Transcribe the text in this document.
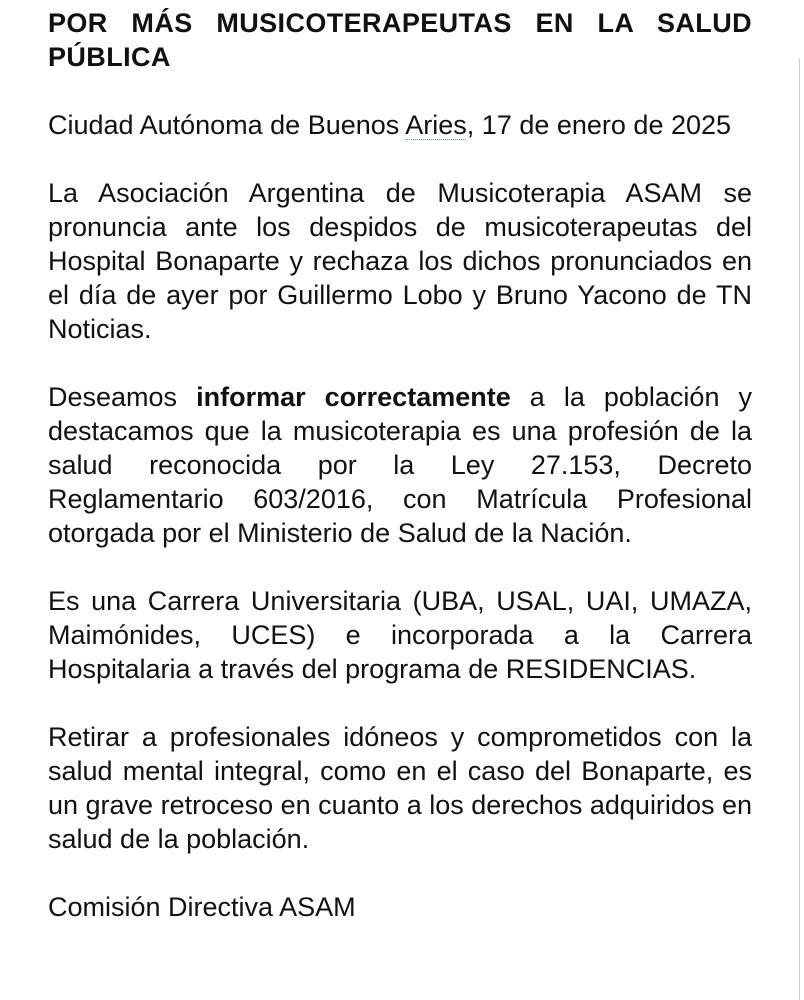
POR MÁS MUSICOTERAPEUTAS EN LA SALUD PÚBLICA

Ciudad Autónoma de Buenos Aries, 17 de enero de 2025

La Asociación Argentina de Musicoterapia ASAM se pronuncia ante los despidos de musicoterapeutas del Hospital Bonaparte y rechaza los dichos pronunciados en el día de ayer por Guillermo Lobo y Bruno Yacono de TN Noticias.

Deseamos informar correctamente a la población y destacamos que la musicoterapia es una profesión de la salud reconocida por la Ley 27.153, Decreto Reglamentario 603/2016, con Matrícula Profesional otorgada por el Ministerio de Salud de la Nación.

Es una Carrera Universitaria (UBA, USAL, UAI, UMAZA, Maimónides, UCES) e incorporada a la Carrera Hospitalaria a través del programa de RESIDENCIAS.

Retirar a profesionales idóneos y comprometidos con la salud mental integral, como en el caso del Bonaparte, es un grave retroceso en cuanto a los derechos adquiridos en salud de la población.

Comisión Directiva ASAM
